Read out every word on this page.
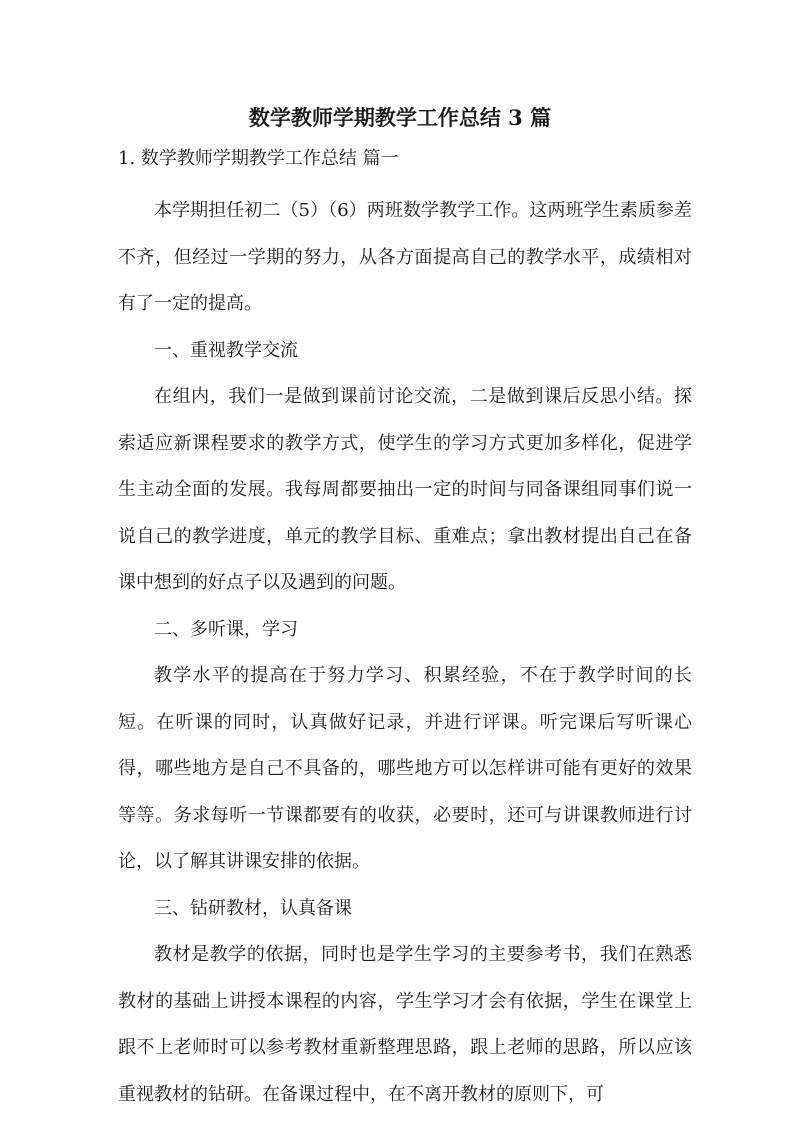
数学教师学期教学工作总结 3 篇
1. 数学教师学期教学工作总结 篇一

本学期担任初二（5）（6）两班数学教学工作。这两班学生素质参差不齐，但经过一学期的努力，从各方面提高自己的教学水平，成绩相对有了一定的提高。

一、重视教学交流

在组内，我们一是做到课前讨论交流，二是做到课后反思小结。探索适应新课程要求的教学方式，使学生的学习方式更加多样化，促进学生主动全面的发展。我每周都要抽出一定的时间与同备课组同事们说一说自己的教学进度，单元的教学目标、重难点；拿出教材提出自己在备课中想到的好点子以及遇到的问题。

二、多听课，学习

教学水平的提高在于努力学习、积累经验，不在于教学时间的长短。在听课的同时，认真做好记录，并进行评课。听完课后写听课心得，哪些地方是自己不具备的，哪些地方可以怎样讲可能有更好的效果等等。务求每听一节课都要有的收获，必要时，还可与讲课教师进行讨论，以了解其讲课安排的依据。

三、钻研教材，认真备课

教材是教学的依据，同时也是学生学习的主要参考书，我们在熟悉教材的基础上讲授本课程的内容，学生学习才会有依据，学生在课堂上跟不上老师时可以参考教材重新整理思路，跟上老师的思路，所以应该重视教材的钻研。在备课过程中，在不离开教材的原则下，可
